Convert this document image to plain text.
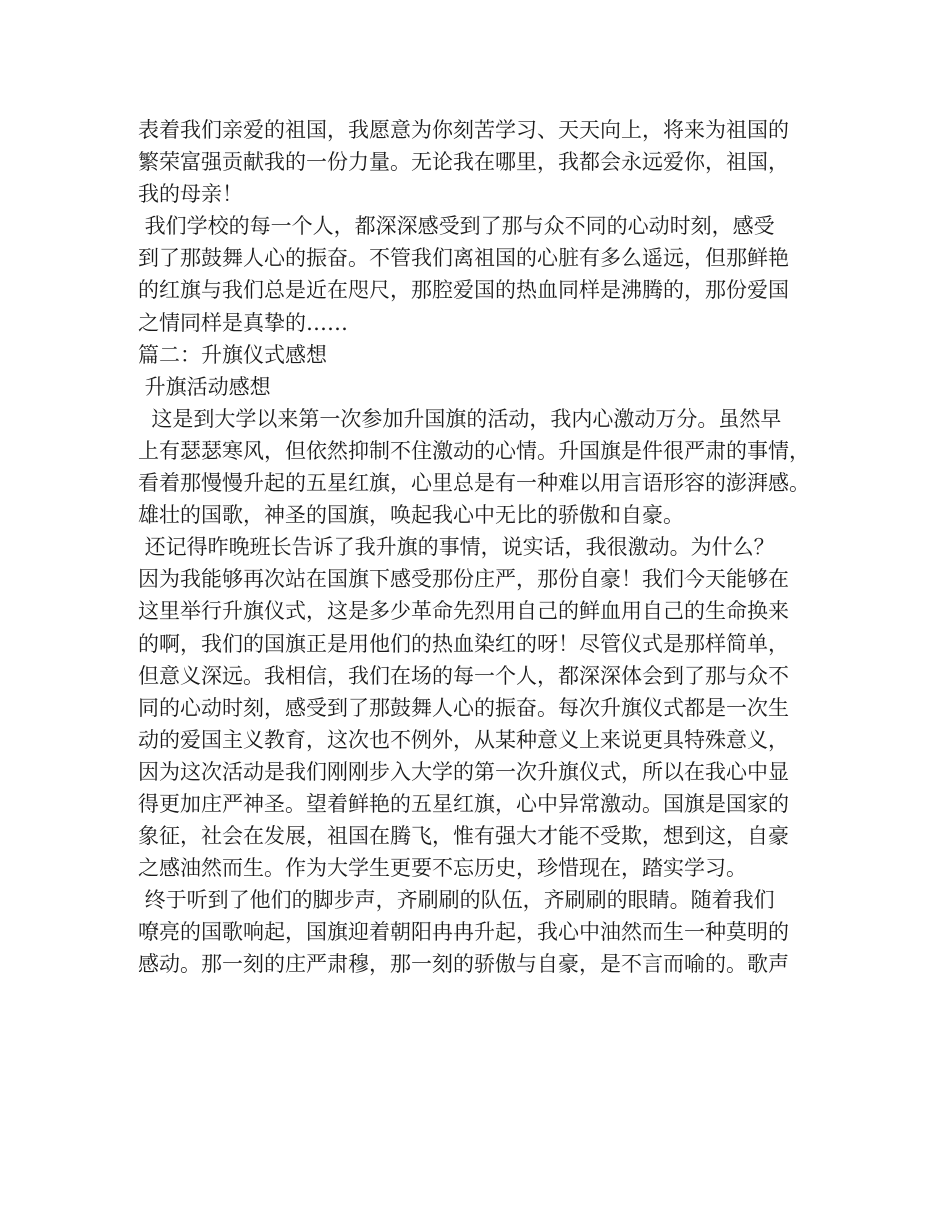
表着我们亲爱的祖国，我愿意为你刻苦学习、天天向上，将来为祖国的
繁荣富强贡献我的一份力量。无论我在哪里，我都会永远爱你，祖国，
我的母亲！
我们学校的每一个人，都深深感受到了那与众不同的心动时刻，感受
到了那鼓舞人心的振奋。不管我们离祖国的心脏有多么遥远，但那鲜艳
的红旗与我们总是近在咫尺，那腔爱国的热血同样是沸腾的，那份爱国
之情同样是真挚的……
篇二：升旗仪式感想
升旗活动感想
这是到大学以来第一次参加升国旗的活动，我内心激动万分。虽然早
上有瑟瑟寒风，但依然抑制不住激动的心情。升国旗是件很严肃的事情，
看着那慢慢升起的五星红旗，心里总是有一种难以用言语形容的澎湃感。
雄壮的国歌，神圣的国旗，唤起我心中无比的骄傲和自豪。
还记得昨晚班长告诉了我升旗的事情，说实话，我很激动。为什么？
因为我能够再次站在国旗下感受那份庄严，那份自豪！我们今天能够在
这里举行升旗仪式，这是多少革命先烈用自己的鲜血用自己的生命换来
的啊，我们的国旗正是用他们的热血染红的呀！尽管仪式是那样简单，
但意义深远。我相信，我们在场的每一个人，都深深体会到了那与众不
同的心动时刻，感受到了那鼓舞人心的振奋。每次升旗仪式都是一次生
动的爱国主义教育，这次也不例外，从某种意义上来说更具特殊意义，
因为这次活动是我们刚刚步入大学的第一次升旗仪式，所以在我心中显
得更加庄严神圣。望着鲜艳的五星红旗，心中异常激动。国旗是国家的
象征，社会在发展，祖国在腾飞，惟有强大才能不受欺，想到这，自豪
之感油然而生。作为大学生更要不忘历史，珍惜现在，踏实学习。
终于听到了他们的脚步声，齐刷刷的队伍，齐刷刷的眼睛。随着我们
嘹亮的国歌响起，国旗迎着朝阳冉冉升起，我心中油然而生一种莫明的
感动。那一刻的庄严肃穆，那一刻的骄傲与自豪，是不言而喻的。歌声
